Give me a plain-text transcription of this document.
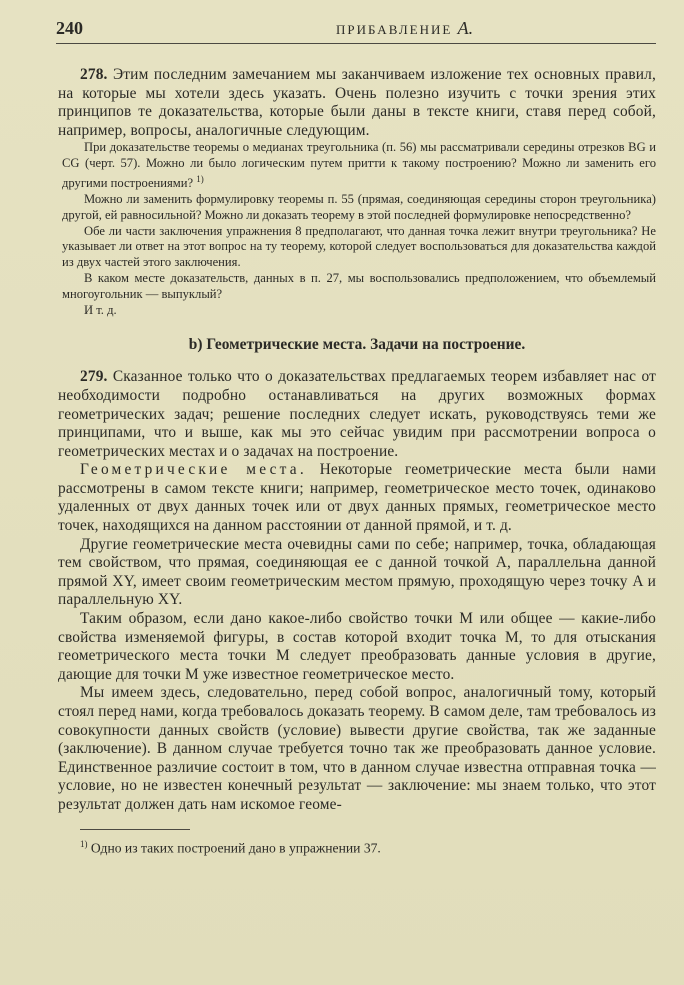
240	ПРИБАВЛЕНИЕ А.

278. Этим последним замечанием мы заканчиваем изложение тех основных правил, на которые мы хотели здесь указать. Очень полезно изучить с точки зрения этих принципов те доказательства, которые были даны в тексте книги, ставя перед собой, например, вопросы, аналогичные следующим.

При доказательстве теоремы о медианах треугольника (п. 56) мы рассматривали середины отрезков BG и CG (черт. 57). Можно ли было логическим путем притти к такому построению? Можно ли заменить его другими построениями? $^{1)}$

Можно ли заменить формулировку теоремы п. 55 (прямая, соединяющая середины сторон треугольника) другой, ей равносильной? Можно ли доказать теорему в этой последней формулировке непосредственно?

Обе ли части заключения упражнения 8 предполагают, что данная точка лежит внутри треугольника? Не указывает ли ответ на этот вопрос на ту теорему, которой следует воспользоваться для доказательства каждой из двух частей этого заключения.

В каком месте доказательств, данных в п. 27, мы воспользовались предположением, что объемлемый многоугольник — выпуклый?

И т. д.

b) Геометрические места. Задачи на построение.

279. Сказанное только что о доказательствах предлагаемых теорем избавляет нас от необходимости подробно останавливаться на других возможных формах геометрических задач; решение последних следует искать, руководствуясь теми же принципами, что и выше, как мы это сейчас увидим при рассмотрении вопроса о геометрических местах и о задачах на построение.

Геометрические места. Некоторые геометрические места были нами рассмотрены в самом тексте книги; например, геометрическое место точек, одинаково удаленных от двух данных точек или от двух данных прямых, геометрическое место точек, находящихся на данном расстоянии от данной прямой, и т. д.

Другие геометрические места очевидны сами по себе; например, точка, обладающая тем свойством, что прямая, соединяющая ее с данной точкой A, параллельна данной прямой XY, имеет своим геометрическим местом прямую, проходящую через точку A и параллельную XY.

Таким образом, если дано какое-либо свойство точки M или общее — какие-либо свойства изменяемой фигуры, в состав которой входит точка M, то для отыскания геометрического места точки M следует преобразовать данные условия в другие, дающие для точки M уже известное геометрическое место.

Мы имеем здесь, следовательно, перед собой вопрос, аналогичный тому, который стоял перед нами, когда требовалось доказать теорему. В самом деле, там требовалось из совокупности данных свойств (условие) вывести другие свойства, так же заданные (заключение). В данном случае требуется точно так же преобразовать данное условие. Единственное различие состоит в том, что в данном случае известна отправная точка — условие, но не известен конечный результат — заключение: мы знаем только, что этот результат должен дать нам искомое геоме-

$^{1)}$ Одно из таких построений дано в упражнении 37.
